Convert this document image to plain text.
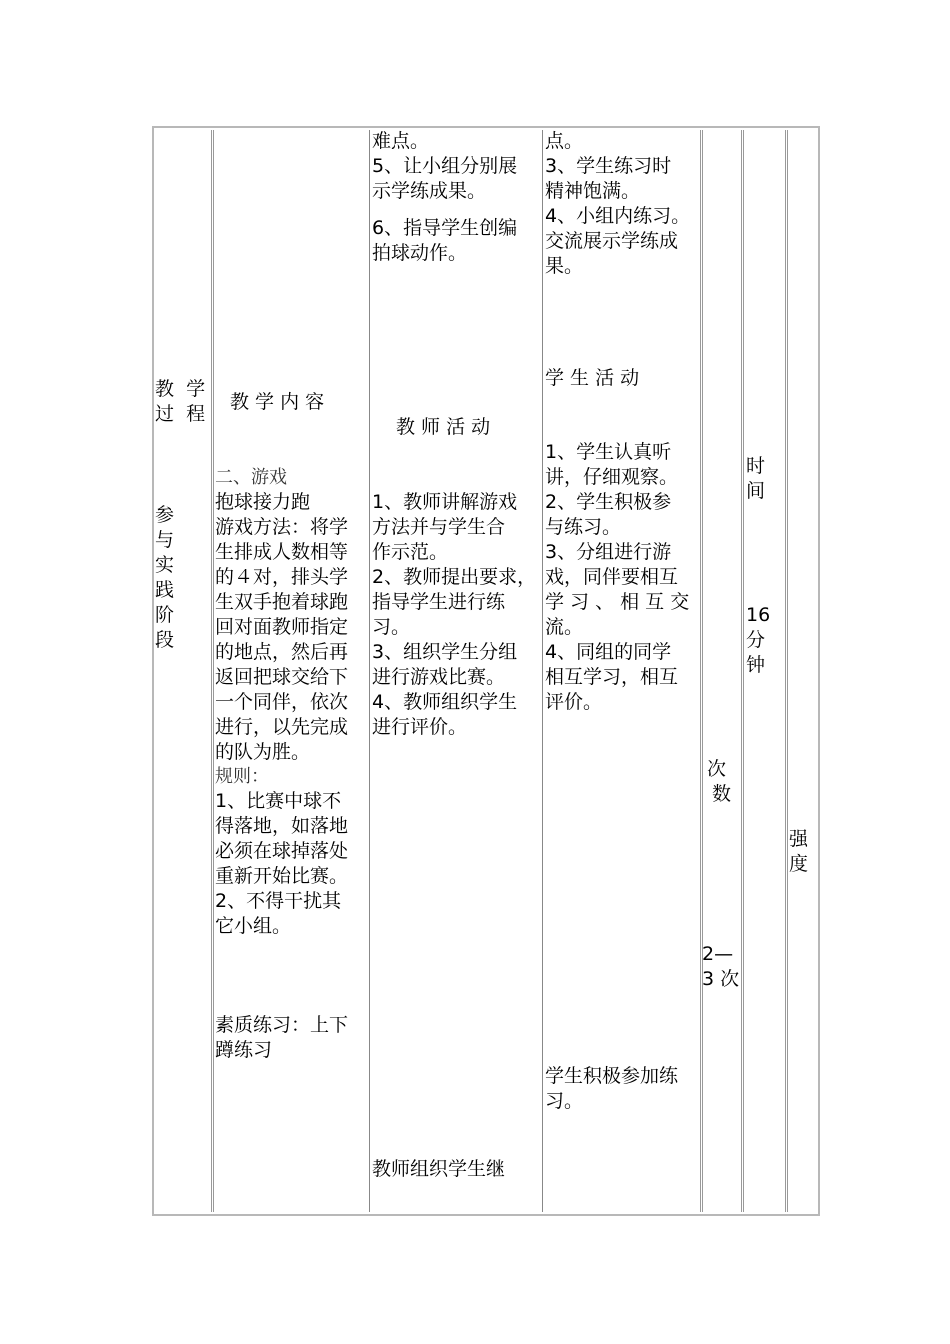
教  学
过  程
参
与
实
践
阶
段
教 学 内 容
二、游戏
抱球接力跑
游戏方法：将学
生排成人数相等
的４对，排头学
生双手抱着球跑
回对面教师指定
的地点，然后再
返回把球交给下
一个同伴，依次
进行，以先完成
的队为胜。
规则：
1、比赛中球不
得落地，如落地
必须在球掉落处
重新开始比赛。
2、不得干扰其
它小组。
素质练习：上下
蹲练习
难点。
5、让小组分别展
示学练成果。
6、指导学生创编
拍球动作。
教 师 活 动
1、教师讲解游戏
方法并与学生合
作示范。
2、教师提出要求，
指导学生进行练
习。
3、组织学生分组
进行游戏比赛。
4、教师组织学生
进行评价。
教师组织学生继
点。
3、学生练习时
精神饱满。
4、小组内练习。
交流展示学练成
果。
学 生 活 动
1、学生认真听
讲，仔细观察。
2、学生积极参
与练习。
3、分组进行游
戏，同伴要相互
学 习 、 相 互 交
流。
4、同组的同学
相互学习，相互
评价。
学生积极参加练
习。
次
数
2—
3 次
时
间
16
分
钟
强
度
